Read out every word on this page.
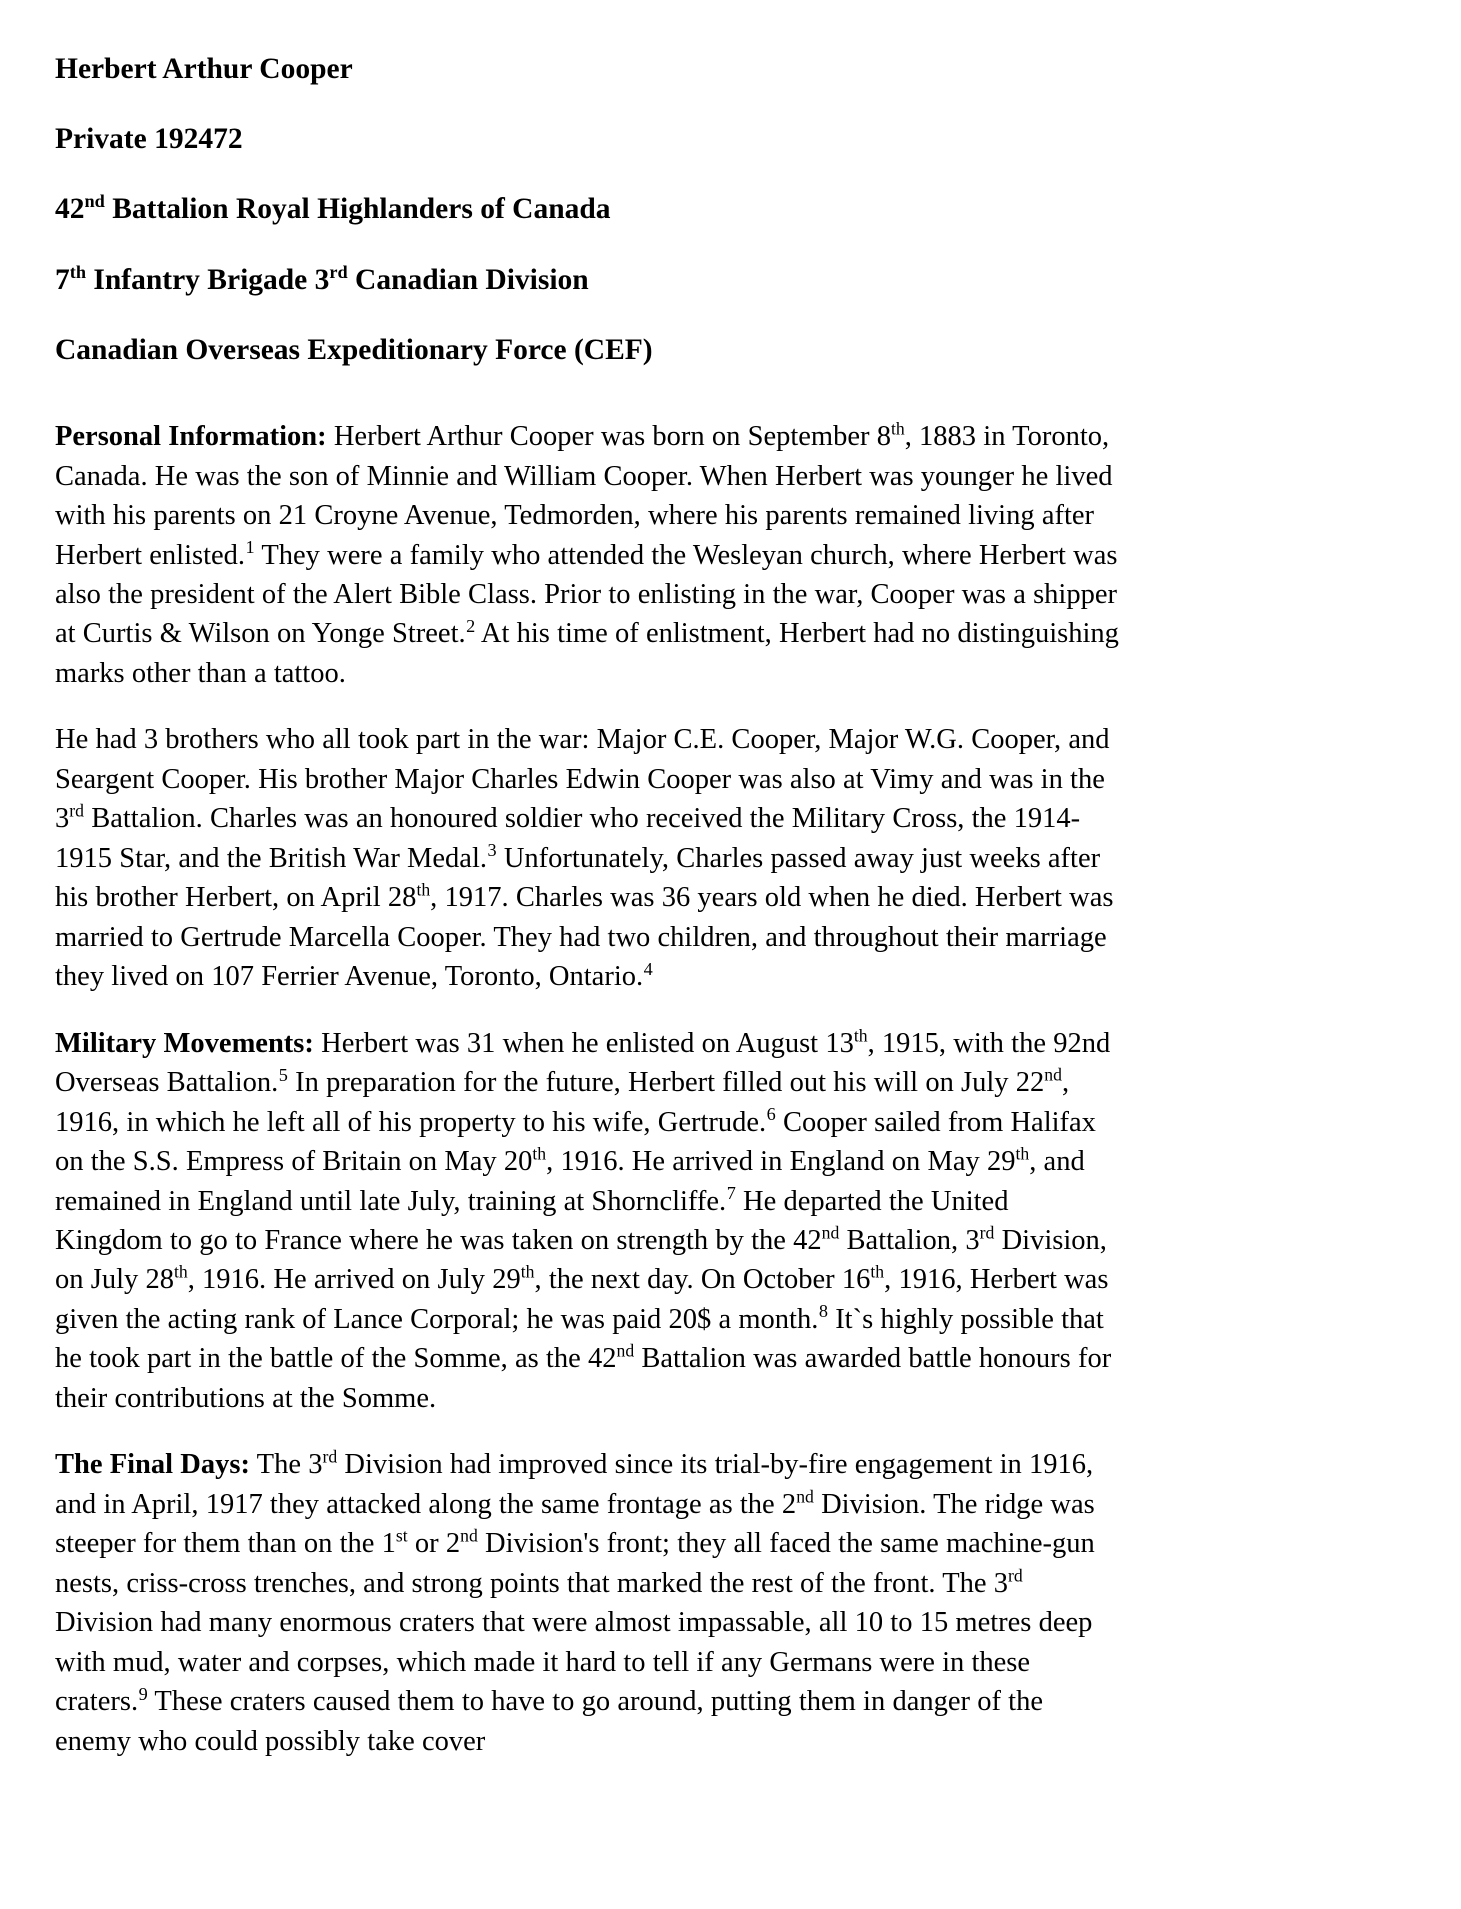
Herbert Arthur Cooper
Private 192472
42nd Battalion Royal Highlanders of Canada
7th Infantry Brigade 3rd Canadian Division
Canadian Overseas Expeditionary Force (CEF)

Personal Information: Herbert Arthur Cooper was born on September 8th, 1883 in Toronto, Canada. He was the son of Minnie and William Cooper. When Herbert was younger he lived with his parents on 21 Croyne Avenue, Tedmorden, where his parents remained living after Herbert enlisted.$^1$ They were a family who attended the Wesleyan church, where Herbert was also the president of the Alert Bible Class. Prior to enlisting in the war, Cooper was a shipper at Curtis & Wilson on Yonge Street.$^2$ At his time of enlistment, Herbert had no distinguishing marks other than a tattoo.

He had 3 brothers who all took part in the war: Major C.E. Cooper, Major W.G. Cooper, and Seargent Cooper. His brother Major Charles Edwin Cooper was also at Vimy and was in the 3rd Battalion. Charles was an honoured soldier who received the Military Cross, the 1914-1915 Star, and the British War Medal.$^3$ Unfortunately, Charles passed away just weeks after his brother Herbert, on April 28th, 1917. Charles was 36 years old when he died. Herbert was married to Gertrude Marcella Cooper. They had two children, and throughout their marriage they lived on 107 Ferrier Avenue, Toronto, Ontario.$^4$

Military Movements: Herbert was 31 when he enlisted on August 13th, 1915, with the 92nd Overseas Battalion.$^5$ In preparation for the future, Herbert filled out his will on July 22nd, 1916, in which he left all of his property to his wife, Gertrude.$^6$ Cooper sailed from Halifax on the S.S. Empress of Britain on May 20th, 1916. He arrived in England on May 29th, and remained in England until late July, training at Shorncliffe.$^7$ He departed the United Kingdom to go to France where he was taken on strength by the 42nd Battalion, 3rd Division, on July 28th, 1916. He arrived on July 29th, the next day. On October 16th, 1916, Herbert was given the acting rank of Lance Corporal; he was paid 20$ a month.$^8$ It`s highly possible that he took part in the battle of the Somme, as the 42nd Battalion was awarded battle honours for their contributions at the Somme.

The Final Days: The 3rd Division had improved since its trial-by-fire engagement in 1916, and in April, 1917 they attacked along the same frontage as the 2nd Division. The ridge was steeper for them than on the 1st or 2nd Division's front; they all faced the same machine-gun nests, criss-cross trenches, and strong points that marked the rest of the front. The 3rd Division had many enormous craters that were almost impassable, all 10 to 15 metres deep with mud, water and corpses, which made it hard to tell if any Germans were in these craters.$^9$ These craters caused them to have to go around, putting them in danger of the enemy who could possibly take cover
